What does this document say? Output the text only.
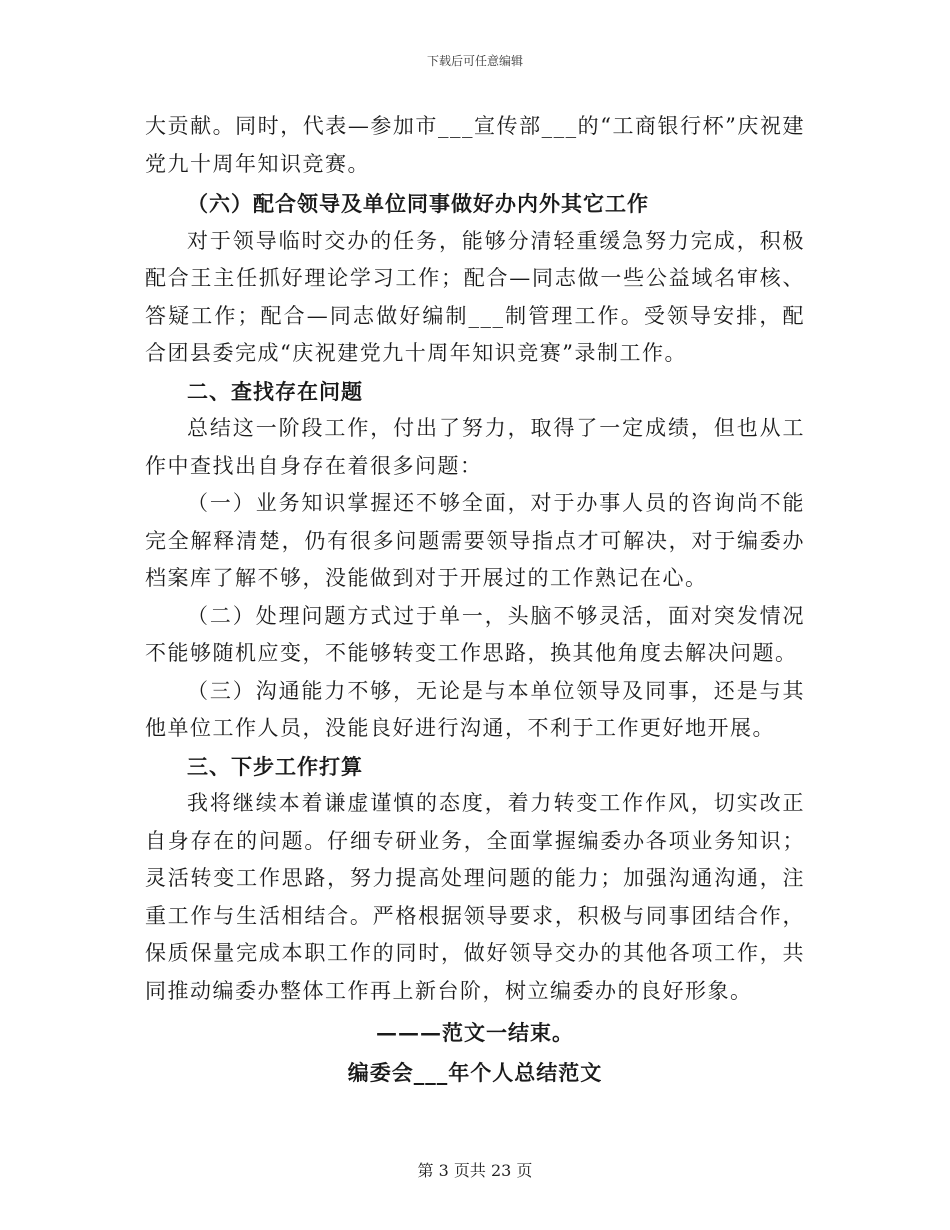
下载后可任意编辑

大贡献。同时，代表—参加市___宣传部___的“工商银行杯”庆祝建党九十周年知识竞赛。

（六）配合领导及单位同事做好办内外其它工作

对于领导临时交办的任务，能够分清轻重缓急努力完成，积极配合王主任抓好理论学习工作；配合—同志做一些公益域名审核、答疑工作；配合—同志做好编制___制管理工作。受领导安排，配合团县委完成“庆祝建党九十周年知识竞赛”录制工作。

二、查找存在问题

总结这一阶段工作，付出了努力，取得了一定成绩，但也从工作中查找出自身存在着很多问题：

（一）业务知识掌握还不够全面，对于办事人员的咨询尚不能完全解释清楚，仍有很多问题需要领导指点才可解决，对于编委办档案库了解不够，没能做到对于开展过的工作熟记在心。

（二）处理问题方式过于单一，头脑不够灵活，面对突发情况不能够随机应变，不能够转变工作思路，换其他角度去解决问题。

（三）沟通能力不够，无论是与本单位领导及同事，还是与其他单位工作人员，没能良好进行沟通，不利于工作更好地开展。

三、下步工作打算

我将继续本着谦虚谨慎的态度，着力转变工作作风，切实改正自身存在的问题。仔细专研业务，全面掌握编委办各项业务知识；灵活转变工作思路，努力提高处理问题的能力；加强沟通沟通，注重工作与生活相结合。严格根据领导要求，积极与同事团结合作，保质保量完成本职工作的同时，做好领导交办的其他各项工作，共同推动编委办整体工作再上新台阶，树立编委办的良好形象。

———范文一结束。

编委会___年个人总结范文

第 3 页共 23 页
